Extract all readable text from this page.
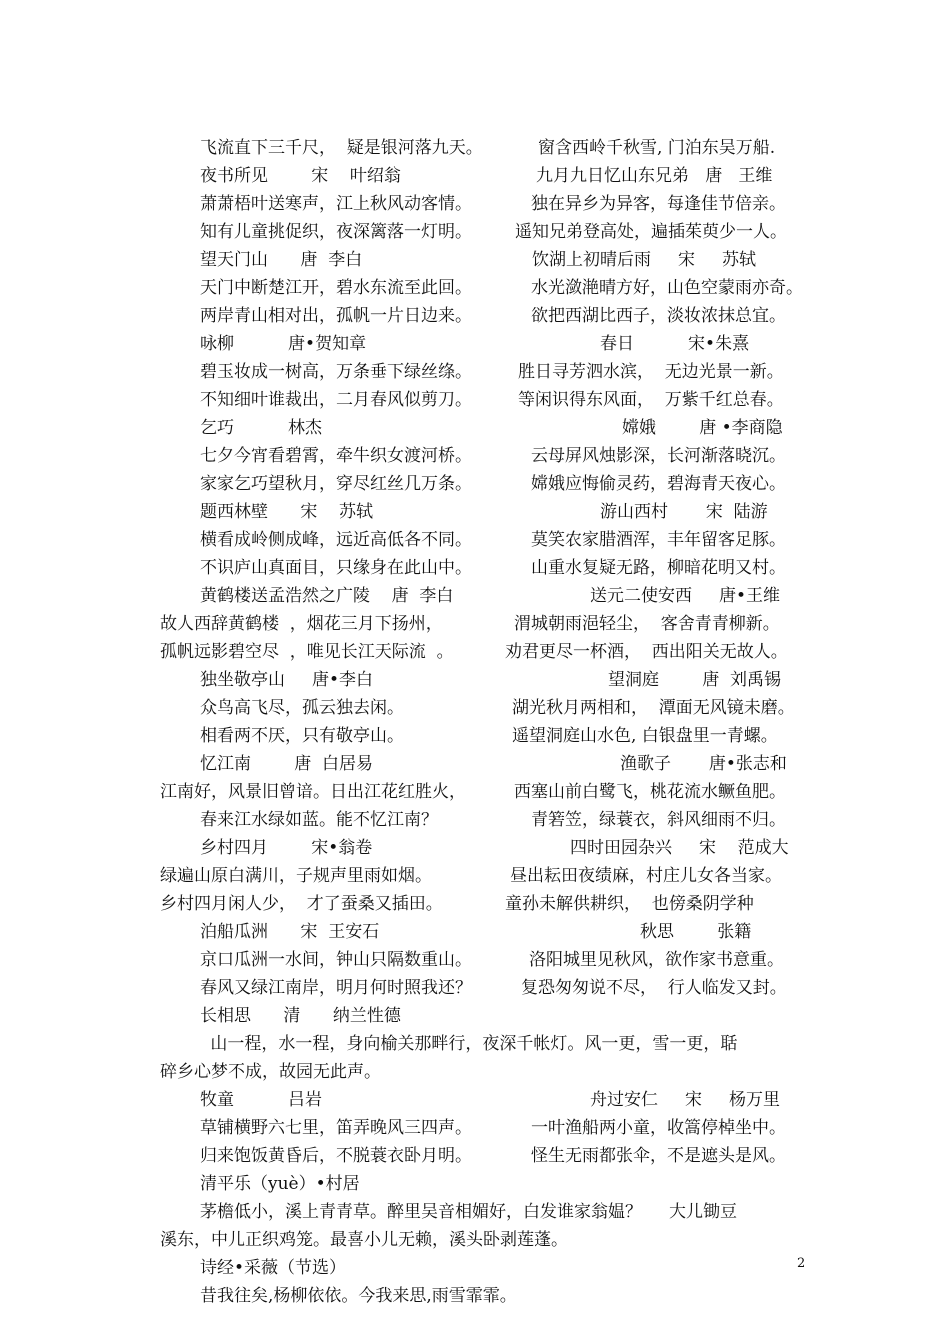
飞流直下三千尺，  疑是银河落九天。	窗含西岭千秋雪, 门泊东吴万船.
夜书所见        宋    叶绍翁	九月九日忆山东兄弟   唐   王维
萧萧梧叶送寒声，江上秋风动客情。	独在异乡为异客，每逢佳节倍亲。
知有儿童挑促织，夜深篱落一灯明。	遥知兄弟登高处，遍插茱萸少一人。
望天门山      唐  李白	饮湖上初晴后雨     宋     苏轼
天门中断楚江开，碧水东流至此回。	水光潋滟晴方好，山色空蒙雨亦奇。
两岸青山相对出，孤帆一片日边来。	欲把西湖比西子，淡妆浓抹总宜。
咏柳          唐•贺知章	春日          宋•朱熹
碧玉妆成一树高，万条垂下绿丝绦。	胜日寻芳泗水滨，  无边光景一新。
不知细叶谁裁出，二月春风似剪刀。	等闲识得东风面，  万紫千红总春。
乞巧          林杰	嫦娥        唐 •李商隐
七夕今宵看碧霄，牵牛织女渡河桥。	云母屏风烛影深，长河渐落晓沉。
家家乞巧望秋月，穿尽红丝几万条。	嫦娥应悔偷灵药，碧海青天夜心。
题西林壁      宋    苏轼	游山西村       宋  陆游
横看成岭侧成峰，远近高低各不同。	莫笑农家腊酒浑，丰年留客足豚。
不识庐山真面目，只缘身在此山中。	山重水复疑无路，柳暗花明又村。
黄鹤楼送孟浩然之广陵    唐  李白	送元二使安西     唐•王维
故人西辞黄鹤楼  ，烟花三月下扬州，	渭城朝雨浥轻尘，  客舍青青柳新。
孤帆远影碧空尽  ，唯见长江天际流  。	劝君更尽一杯酒，  西出阳关无故人。
独坐敬亭山     唐•李白	望洞庭        唐  刘禹锡
众鸟高飞尽，孤云独去闲。	湖光秋月两相和，  潭面无风镜未磨。
相看两不厌，只有敬亭山。	遥望洞庭山水色, 白银盘里一青螺。
忆江南        唐  白居易	渔歌子       唐•张志和
江南好，风景旧曾谙。日出江花红胜火，	西塞山前白鹭飞，桃花流水鳜鱼肥。
春来江水绿如蓝。能不忆江南？	青箬笠，绿蓑衣，斜风细雨不归。
乡村四月        宋•翁卷	四时田园杂兴     宋    范成大
绿遍山原白满川，子规声里雨如烟。	昼出耘田夜绩麻，村庄儿女各当家。
乡村四月闲人少，  才了蚕桑又插田。	童孙未解供耕织，  也傍桑阴学种
泊船瓜洲      宋  王安石	秋思        张籍
京口瓜洲一水间，钟山只隔数重山。	洛阳城里见秋风，欲作家书意重。
春风又绿江南岸，明月何时照我还？	复恐匆匆说不尽，  行人临发又封。
长相思      清      纳兰性德
山一程，水一程，身向榆关那畔行，夜深千帐灯。风一更，雪一更，聒
碎乡心梦不成，故园无此声。
牧童          吕岩	舟过安仁     宋     杨万里
草铺横野六七里，笛弄晚风三四声。	一叶渔船两小童，收篙停棹坐中。
归来饱饭黄昏后，不脱蓑衣卧月明。	怪生无雨都张伞，不是遮头是风。
清平乐（yuè）•村居
茅檐低小，溪上青青草。醉里吴音相媚好，白发谁家翁媪？     大儿锄豆
溪东，中儿正织鸡笼。最喜小儿无赖，溪头卧剥莲蓬。
诗经•采薇（节选）
昔我往矣,杨柳依依。今我来思,雨雪霏霏。
2
